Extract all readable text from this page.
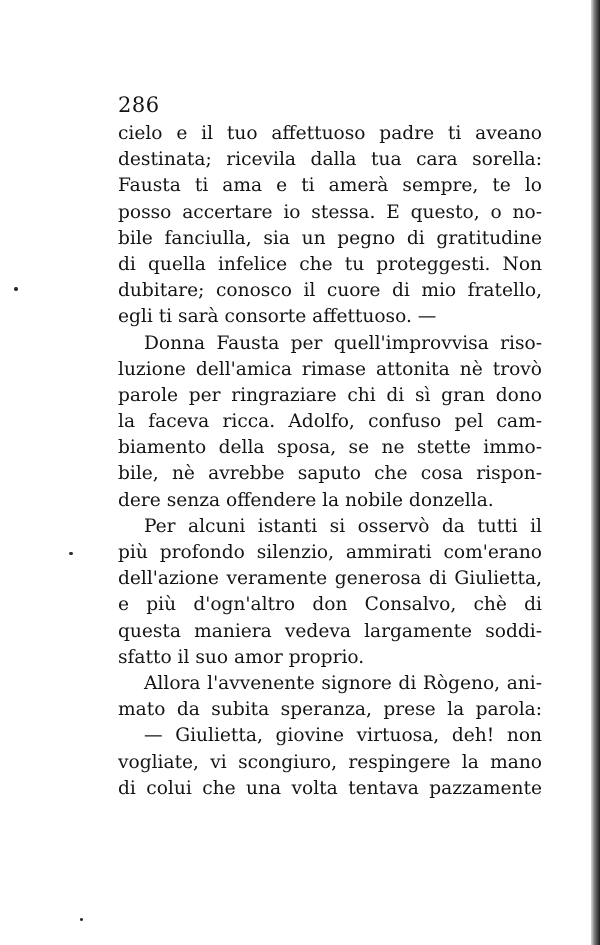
286

cielo e il tuo affettuoso padre ti aveano
destinata; ricevila dalla tua cara sorella:
Fausta ti ama e ti amerà sempre, te lo
posso accertare io stessa. E questo, o no-
bile fanciulla, sia un pegno di gratitudine
di quella infelice che tu proteggesti. Non
dubitare; conosco il cuore di mio fratello,
egli ti sarà consorte affettuoso. —
Donna Fausta per quell'improvvisa riso-
luzione dell'amica rimase attonita nè trovò
parole per ringraziare chi di sì gran dono
la faceva ricca. Adolfo, confuso pel cam-
biamento della sposa, se ne stette immo-
bile, nè avrebbe saputo che cosa rispon-
dere senza offendere la nobile donzella.
Per alcuni istanti si osservò da tutti il
più profondo silenzio, ammirati com'erano
dell'azione veramente generosa di Giulietta,
e più d'ogn'altro don Consalvo, chè di
questa maniera vedeva largamente soddi-
sfatto il suo amor proprio.
Allora l'avvenente signore di Rògeno, ani-
mato da subita speranza, prese la parola:
— Giulietta, giovine virtuosa, deh! non
vogliate, vi scongiuro, respingere la mano
di colui che una volta tentava pazzamente
